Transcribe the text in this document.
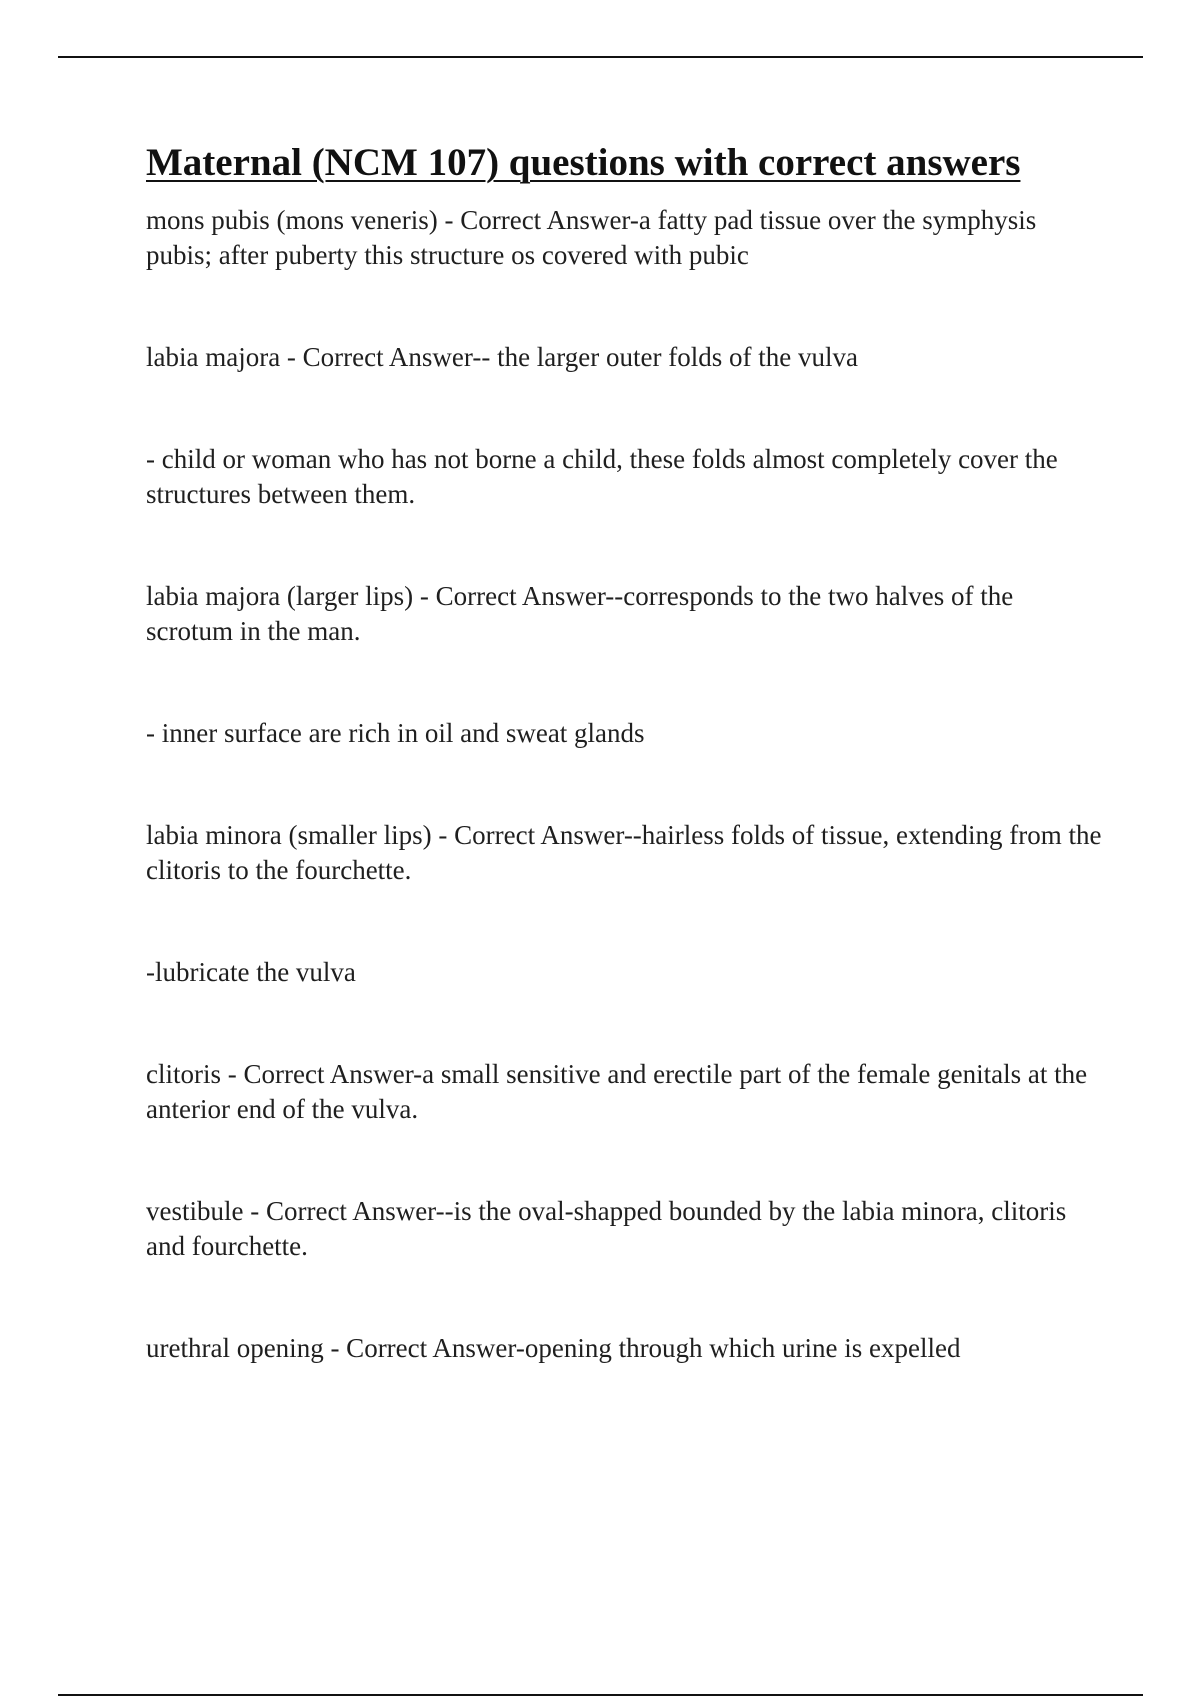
Maternal (NCM 107) questions with correct answers

mons pubis (mons veneris) - Correct Answer-a fatty pad tissue over the symphysis pubis; after puberty this structure os covered with pubic

labia majora - Correct Answer-- the larger outer folds of the vulva

- child or woman who has not borne a child, these folds almost completely cover the structures between them.

labia majora (larger lips) - Correct Answer--corresponds to the two halves of the scrotum in the man.

- inner surface are rich in oil and sweat glands

labia minora (smaller lips) - Correct Answer--hairless folds of tissue, extending from the clitoris to the fourchette.

-lubricate the vulva

clitoris - Correct Answer-a small sensitive and erectile part of the female genitals at the anterior end of the vulva.

vestibule - Correct Answer--is the oval-shapped bounded by the labia minora, clitoris and fourchette.

urethral opening - Correct Answer-opening through which urine is expelled
